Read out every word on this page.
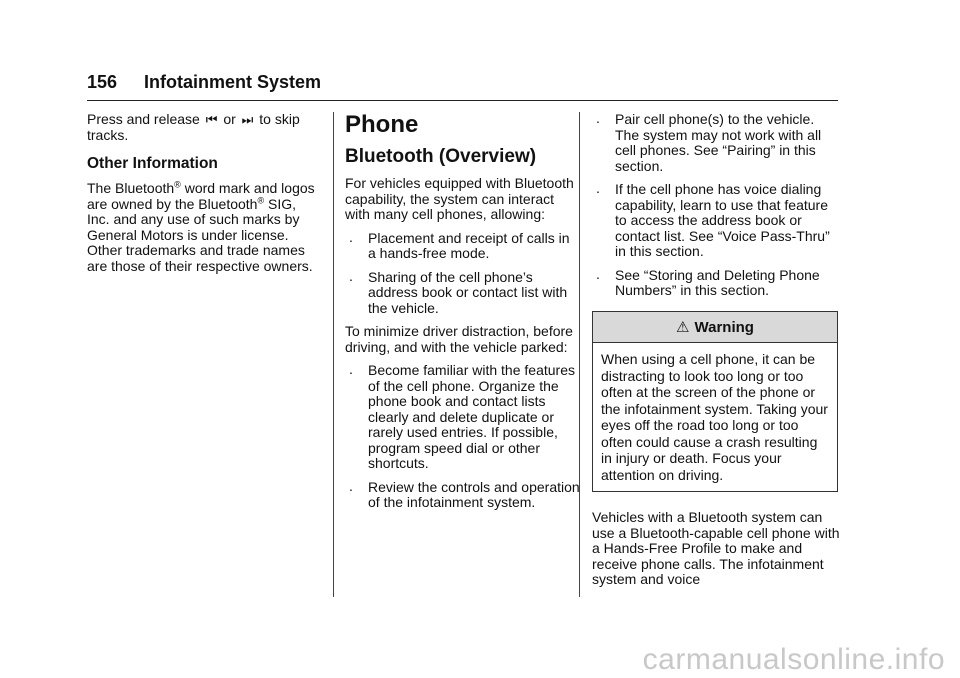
156 Infotainment System

Press and release ⏮ or ⏭ to skip tracks.

Other Information

The Bluetooth® word mark and logos are owned by the Bluetooth® SIG, Inc. and any use of such marks by General Motors is under license. Other trademarks and trade names are those of their respective owners.

Phone
Bluetooth (Overview)

For vehicles equipped with Bluetooth capability, the system can interact with many cell phones, allowing:

. Placement and receipt of calls in a hands-free mode.
. Sharing of the cell phone’s address book or contact list with the vehicle.

To minimize driver distraction, before driving, and with the vehicle parked:

. Become familiar with the features of the cell phone. Organize the phone book and contact lists clearly and delete duplicate or rarely used entries. If possible, program speed dial or other shortcuts.
. Review the controls and operation of the infotainment system.
. Pair cell phone(s) to the vehicle. The system may not work with all cell phones. See “Pairing” in this section.
. If the cell phone has voice dialing capability, learn to use that feature to access the address book or contact list. See “Voice Pass-Thru” in this section.
. See “Storing and Deleting Phone Numbers” in this section.
⚠ Warning
When using a cell phone, it can be distracting to look too long or too often at the screen of the phone or the infotainment system. Taking your eyes off the road too long or too often could cause a crash resulting in injury or death. Focus your attention on driving.

Vehicles with a Bluetooth system can use a Bluetooth-capable cell phone with a Hands-Free Profile to make and receive phone calls. The infotainment system and voice

carmanualsonline.info
